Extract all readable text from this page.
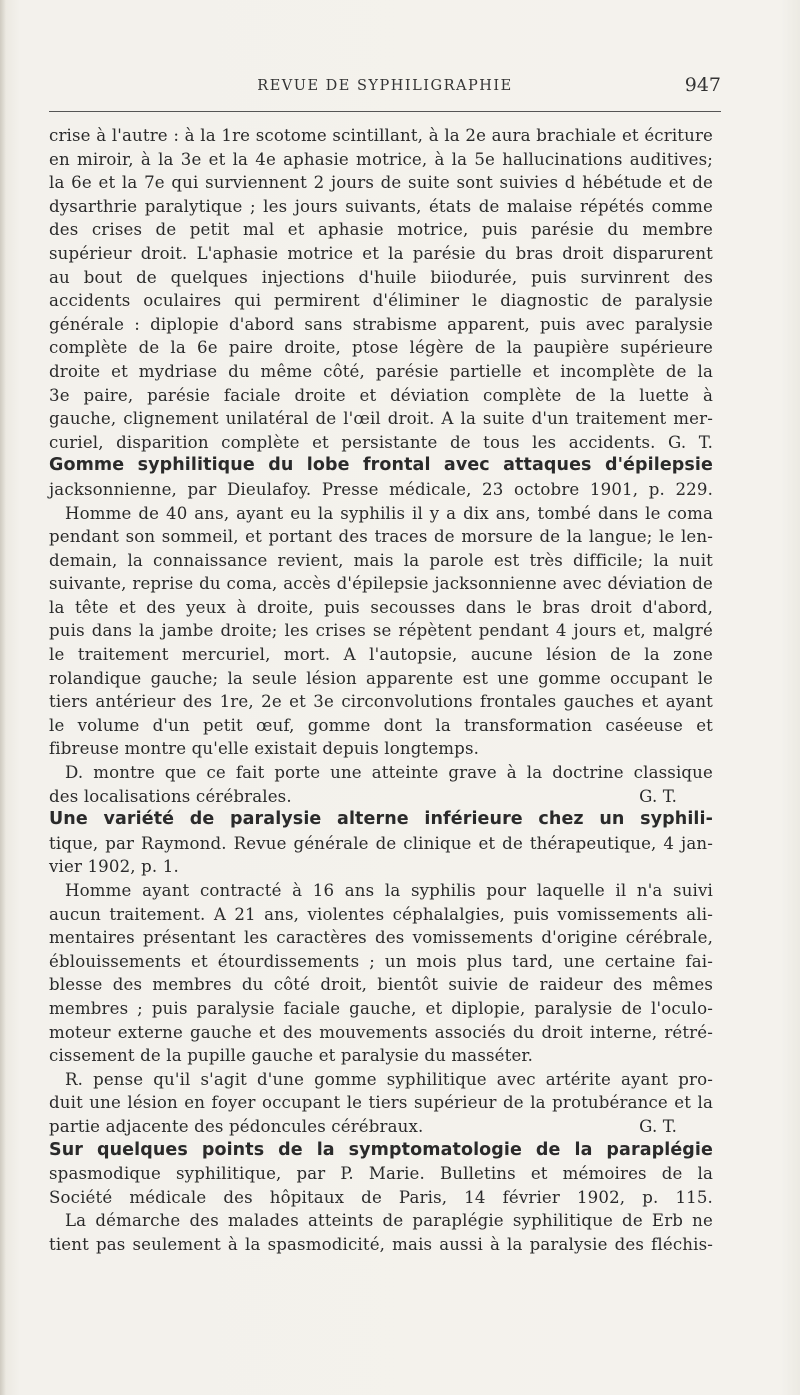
REVUE DE SYPHILIGRAPHIE	947
crise à l'autre : à la 1re scotome scintillant, à la 2e aura brachiale et écriture
en miroir, à la 3e et la 4e aphasie motrice, à la 5e hallucinations auditives;
la 6e et la 7e qui surviennent 2 jours de suite sont suivies d hébétude et de
dysarthrie paralytique ; les jours suivants, états de malaise répétés comme
des crises de petit mal et aphasie motrice, puis parésie du membre
supérieur droit. L'aphasie motrice et la parésie du bras droit disparurent
au bout de quelques injections d'huile biiodurée, puis survinrent des
accidents oculaires qui permirent d'éliminer le diagnostic de paralysie
générale : diplopie d'abord sans strabisme apparent, puis avec paralysie
complète de la 6e paire droite, ptose légère de la paupière supérieure
droite et mydriase du même côté, parésie partielle et incomplète de la
3e paire, parésie faciale droite et déviation complète de la luette à
gauche, clignement unilatéral de l'œil droit. A la suite d'un traitement mer-
curiel, disparition complète et persistante de tous les accidents. G. T.
Gomme syphilitique du lobe frontal avec attaques d'épilepsie
jacksonnienne, par Dieulafoy. Presse médicale, 23 octobre 1901, p. 229.
Homme de 40 ans, ayant eu la syphilis il y a dix ans, tombé dans le coma
pendant son sommeil, et portant des traces de morsure de la langue; le len-
demain, la connaissance revient, mais la parole est très difficile; la nuit
suivante, reprise du coma, accès d'épilepsie jacksonnienne avec déviation de
la tête et des yeux à droite, puis secousses dans le bras droit d'abord,
puis dans la jambe droite; les crises se répètent pendant 4 jours et, malgré
le traitement mercuriel, mort. A l'autopsie, aucune lésion de la zone
rolandique gauche; la seule lésion apparente est une gomme occupant le
tiers antérieur des 1re, 2e et 3e circonvolutions frontales gauches et ayant
le volume d'un petit œuf, gomme dont la transformation caséeuse et
fibreuse montre qu'elle existait depuis longtemps.
D. montre que ce fait porte une atteinte grave à la doctrine classique
des localisations cérébrales.	G. T.
Une variété de paralysie alterne inférieure chez un syphili-
tique, par Raymond. Revue générale de clinique et de thérapeutique, 4 jan-
vier 1902, p. 1.
Homme ayant contracté à 16 ans la syphilis pour laquelle il n'a suivi
aucun traitement. A 21 ans, violentes céphalalgies, puis vomissements ali-
mentaires présentant les caractères des vomissements d'origine cérébrale,
éblouissements et étourdissements ; un mois plus tard, une certaine fai-
blesse des membres du côté droit, bientôt suivie de raideur des mêmes
membres ; puis paralysie faciale gauche, et diplopie, paralysie de l'oculo-
moteur externe gauche et des mouvements associés du droit interne, rétré-
cissement de la pupille gauche et paralysie du masséter.
R. pense qu'il s'agit d'une gomme syphilitique avec artérite ayant pro-
duit une lésion en foyer occupant le tiers supérieur de la protubérance et la
partie adjacente des pédoncules cérébraux.	G. T.
Sur quelques points de la symptomatologie de la paraplégie
spasmodique syphilitique, par P. Marie. Bulletins et mémoires de la
Société médicale des hôpitaux de Paris, 14 février 1902, p. 115.
La démarche des malades atteints de paraplégie syphilitique de Erb ne
tient pas seulement à la spasmodicité, mais aussi à la paralysie des fléchis-
